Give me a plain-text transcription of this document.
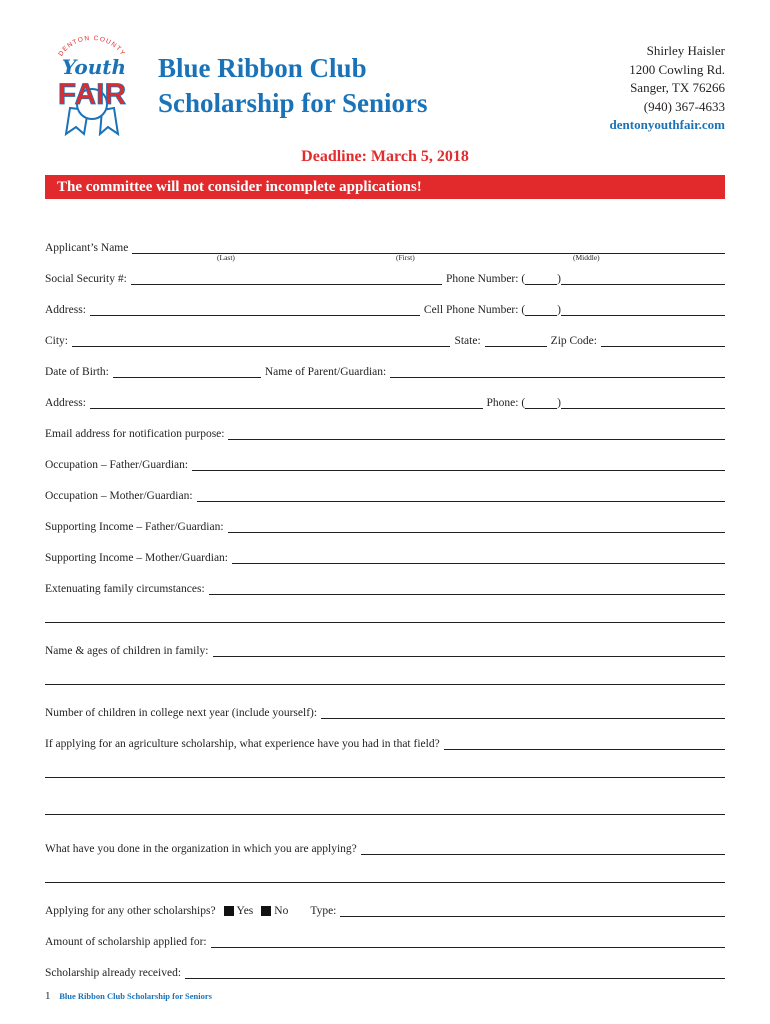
DENTON COUNTY
Youth
FAIR
Blue Ribbon Club
Scholarship for Seniors
Shirley Haisler
1200 Cowling Rd.
Sanger, TX 76266
(940) 367-4633
dentonyouthfair.com
Deadline: March 5, 2018
The committee will not consider incomplete applications!
Applicant’s Name
(Last)	(First)	(Middle)
Social Security #:	Phone Number: (	)
Address:	Cell Phone Number: (	)
City:	State:	Zip Code:
Date of Birth:	Name of Parent/Guardian:
Address:	Phone: (	)
Email address for notification purpose:
Occupation – Father/Guardian:
Occupation – Mother/Guardian:
Supporting Income – Father/Guardian:
Supporting Income – Mother/Guardian:
Extenuating family circumstances:
Name & ages of children in family:
Number of children in college next year (include yourself):
If applying for an agriculture scholarship, what experience have you had in that field?
What have you done in the organization in which you are applying?
Applying for any other scholarships?	Yes	No	Type:
Amount of scholarship applied for:
Scholarship already received:
1 Blue Ribbon Club Scholarship for Seniors
